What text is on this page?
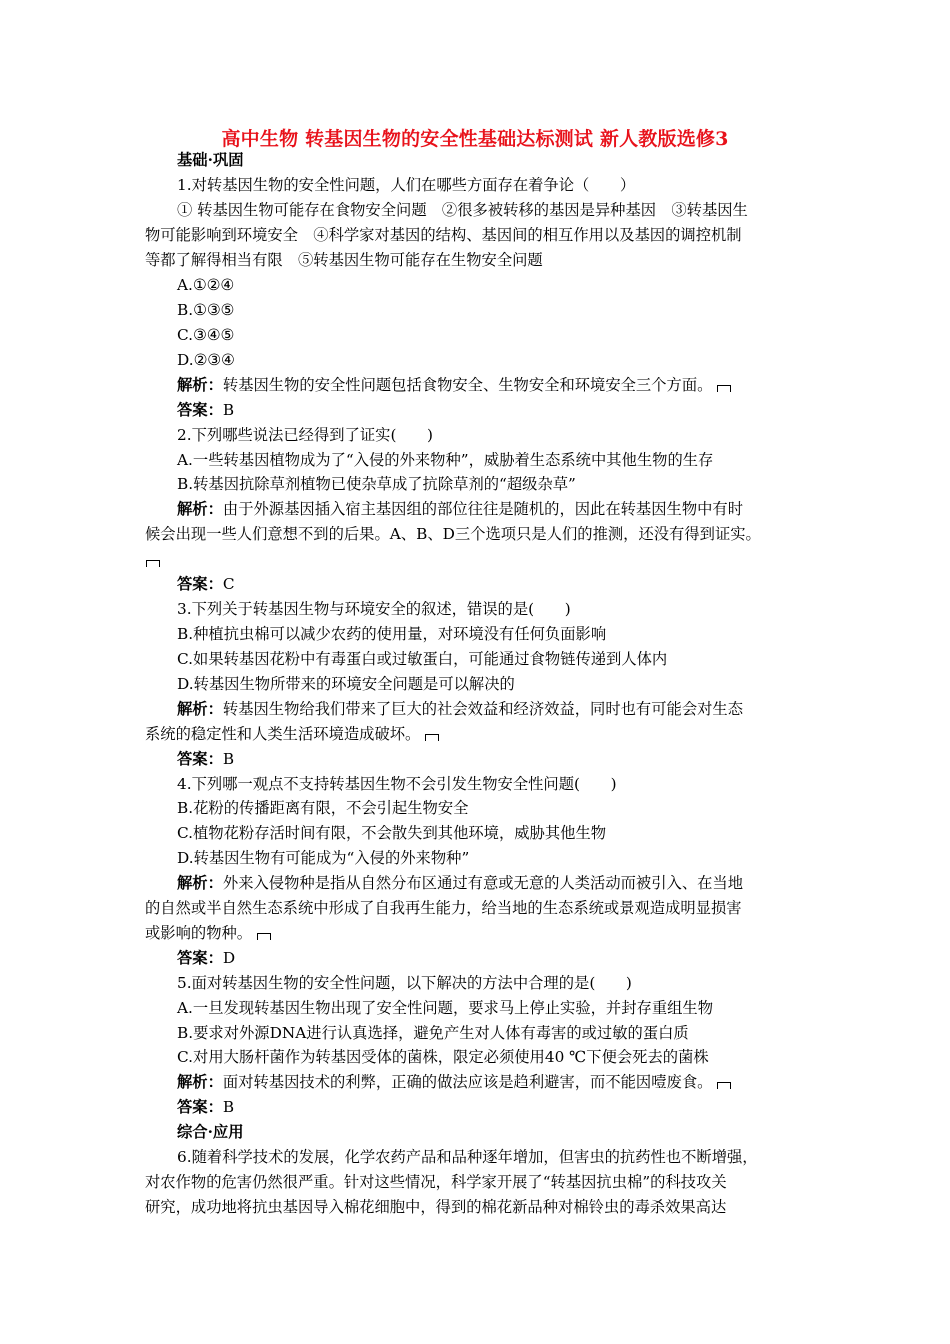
高中生物 转基因生物的安全性基础达标测试 新人教版选修3
基础·巩固
1.对转基因生物的安全性问题，人们在哪些方面存在着争论（　　）
① 转基因生物可能存在食物安全问题　②很多被转移的基因是异种基因　③转基因生
物可能影响到环境安全　④科学家对基因的结构、基因间的相互作用以及基因的调控机制
等都了解得相当有限　⑤转基因生物可能存在生物安全问题
A.①②④
B.①③⑤
C.③④⑤
D.②③④
解析：转基因生物的安全性问题包括食物安全、生物安全和环境安全三个方面。
答案：B
2.下列哪些说法已经得到了证实(　　)
A.一些转基因植物成为了“入侵的外来物种”，威胁着生态系统中其他生物的生存
B.转基因抗除草剂植物已使杂草成了抗除草剂的“超级杂草”
解析：由于外源基因插入宿主基因组的部位往往是随机的，因此在转基因生物中有时
候会出现一些人们意想不到的后果。A、B、D三个选项只是人们的推测，还没有得到证实。
答案：C
3.下列关于转基因生物与环境安全的叙述，错误的是(　　)
B.种植抗虫棉可以减少农药的使用量，对环境没有任何负面影响
C.如果转基因花粉中有毒蛋白或过敏蛋白，可能通过食物链传递到人体内
D.转基因生物所带来的环境安全问题是可以解决的
解析：转基因生物给我们带来了巨大的社会效益和经济效益，同时也有可能会对生态
系统的稳定性和人类生活环境造成破坏。
答案：B
4.下列哪一观点不支持转基因生物不会引发生物安全性问题(　　)
B.花粉的传播距离有限，不会引起生物安全
C.植物花粉存活时间有限，不会散失到其他环境，威胁其他生物
D.转基因生物有可能成为“入侵的外来物种”
解析：外来入侵物种是指从自然分布区通过有意或无意的人类活动而被引入、在当地
的自然或半自然生态系统中形成了自我再生能力，给当地的生态系统或景观造成明显损害
或影响的物种。
答案：D
5.面对转基因生物的安全性问题，以下解决的方法中合理的是(　　)
A.一旦发现转基因生物出现了安全性问题，要求马上停止实验，并封存重组生物
B.要求对外源DNA进行认真选择，避免产生对人体有毒害的或过敏的蛋白质
C.对用大肠杆菌作为转基因受体的菌株，限定必须使用40 ℃下便会死去的菌株
解析：面对转基因技术的利弊，正确的做法应该是趋利避害，而不能因噎废食。
答案：B
综合·应用
6.随着科学技术的发展，化学农药产品和品种逐年增加，但害虫的抗药性也不断增强，
对农作物的危害仍然很严重。针对这些情况，科学家开展了“转基因抗虫棉”的科技攻关
研究，成功地将抗虫基因导入棉花细胞中，得到的棉花新品种对棉铃虫的毒杀效果高达
